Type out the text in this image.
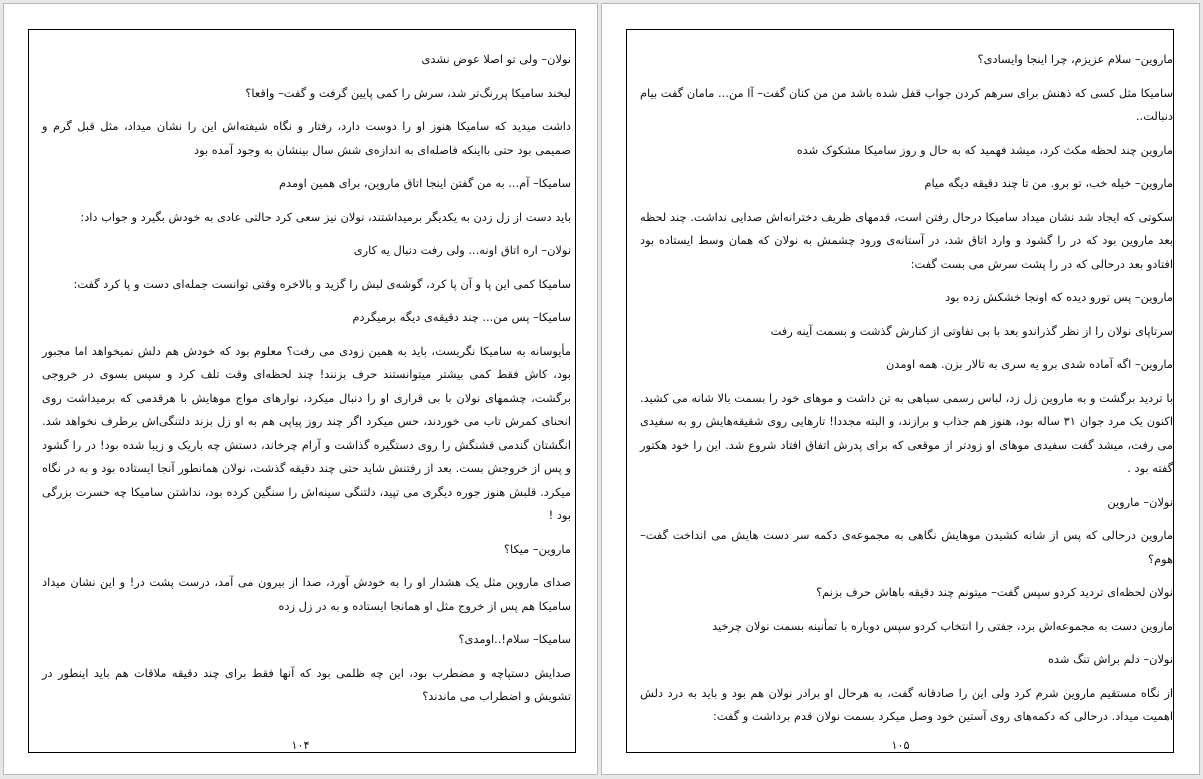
نولان– ولی تو اصلا عوض نشدی

لبخند سامیکا پررنگ‌تر شد، سرش را کمی پایین گرفت و گفت– واقعا؟

داشت میدید که سامیکا هنوز او را دوست دارد، رفتار و نگاه شیفته‌اش این را نشان میداد، مثل قبل گرم و صمیمی بود حتی بااینکه فاصله‌ای به اندازه‌ی شش سال بینشان به وجود آمده بود

سامیکا– آم... به من گفتن اینجا اتاق ماروین، برای همین اومدم

باید دست از زل زدن به یکدیگر برمیداشتند، نولان نیز سعی کرد حالتی عادی به خودش بگیرد و جواب داد:

نولان– اره اتاق اونه... ولی رفت دنبال یه کاری

سامیکا کمی این پا و آن پا کرد، گوشه‌ی لبش را گزید و بالاخره وقتی توانست جمله‌ای دست و پا کرد گفت:

سامیکا– پس من... چند دقیقه‌ی دیگه برمیگردم

مأیوسانه به سامیکا نگریست، باید به همین زودی می رفت؟ معلوم بود که خودش هم دلش نمیخواهد اما مجبور بود، کاش فقط کمی بیشتر میتوانستند حرف بزنند! چند لحظه‌ای وقت تلف کرد و سپس بسوی در خروجی برگشت، چشمهای نولان با بی قراری او را دنبال میکرد، نوارهای مواج موهایش با هرقدمی که برمیداشت روی انحنای کمرش تاب می خوردند، حس میکرد اگر چند روز پیاپی هم به او زل بزند دلتنگی‌اش برطرف نخواهد شد. انگشتان گندمی قشنگش را روی دستگیره گذاشت و آرام چرخاند، دستش چه باریک و زیبا شده بود! در را گشود و پس از خروجش بست. بعد از رفتنش شاید حتی چند دقیقه گذشت، نولان همانطور آنجا ایستاده بود و به در نگاه میکرد. قلبش هنوز جوره دیگری می تپید، دلتنگی سینه‌اش را سنگین کرده بود، نداشتن سامیکا چه حسرت بزرگی بود !

ماروین– میکا؟

صدای ماروین مثل یک هشدار او را به خودش آورد، صدا از بیرون می آمد، درست پشت در! و این نشان میداد سامیکا هم پس از خروج مثل او همانجا ایستاده و به در زل زده

سامیکا– سلام!..اومدی؟

صدایش دستپاچه و مضطرب بود، این چه ظلمی بود که آنها فقط برای چند دقیقه ملاقات هم باید اینطور در تشویش و اضطراب می ماندند؟

۱۰۴

ماروین– سلام عزیزم، چرا اینجا وایسادی؟

سامیکا مثل کسی که ذهنش برای سرهم کردن جواب قفل شده باشد من من کنان گفت– آا من... مامان گفت بیام دنبالت..

ماروین چند لحظه مکث کرد، میشد فهمید که به حال و روز سامیکا مشکوک شده

ماروین– خیله خب، تو برو. من تا چند دقیقه دیگه میام

سکوتی که ایجاد شد نشان میداد سامیکا درحال رفتن است، قدمهای ظریف دخترانه‌اش صدایی نداشت. چند لحظه بعد ماروین بود که در را گشود و وارد اتاق شد، در آستانه‌ی ورود چشمش به نولان که همان وسط ایستاده بود افتادو بعد درحالی که در را پشت سرش می بست گفت:

ماروین– پس تورو دیده که اونجا خشکش زده بود

سرتاپای نولان را از نظر گذراندو بعد با بی تفاوتی از کنارش گذشت و بسمت آینه رفت

ماروین– اگه آماده شدی برو یه سری به تالار بزن. همه اومدن

با تردید برگشت و به ماروین زل زد، لباس رسمی سیاهی به تن داشت و موهای خود را بسمت بالا شانه می کشید. اکنون یک مرد جوان ۳۱ ساله بود، هنوز هم جذاب و برازند، و البته مجددا! تارهایی روی شقیقه‌هایش رو به سفیدی می رفت، میشد گفت سفیدی موهای او زودتر از موقعی که برای پدرش اتفاق افتاد شروع شد. این را خود هکتور گفته بود .

نولان– ماروین

ماروین درحالی که پس از شانه کشیدن موهایش نگاهی به مجموعه‌ی دکمه سر دست هایش می انداخت گفت– هوم؟

نولان لحظه‌ای تردید کردو سپس گفت– میتونم چند دقیقه باهاش حرف بزنم؟

ماروین دست به مجموعه‌اش برد، جفتی را انتخاب کردو سپس دوباره با تمأنینه بسمت نولان چرخید

نولان– دلم براش تنگ شده

از نگاه مستقیم ماروین شرم کرد ولی این را صادقانه گفت، به هرحال او برادر نولان هم بود و باید به درد دلش اهمیت میداد. درحالی که دکمه‌های روی آستین خود وصل میکرد بسمت نولان قدم برداشت و گفت:

۱۰۵
